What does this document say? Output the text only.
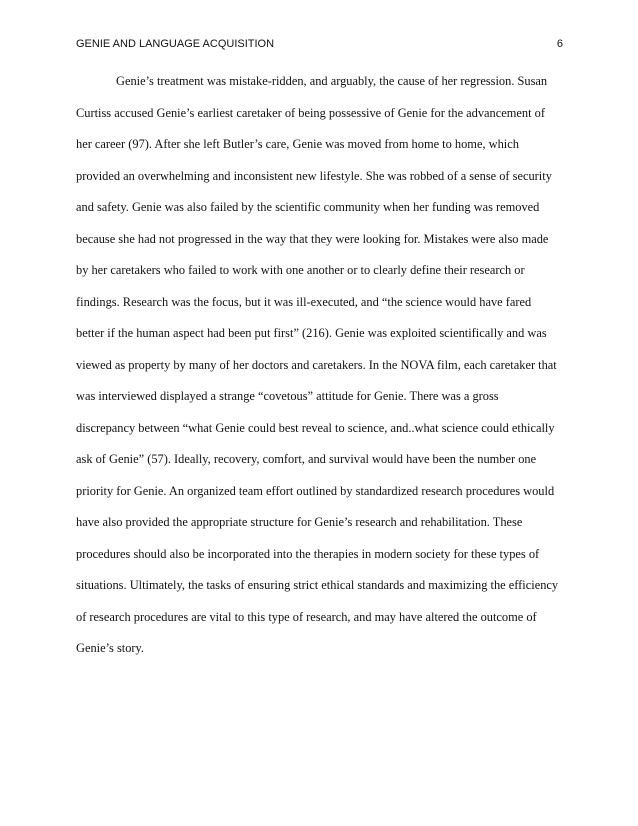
GENIE AND LANGUAGE ACQUISITION	6
Genie’s treatment was mistake-ridden, and arguably, the cause of her regression. Susan
Curtiss accused Genie’s earliest caretaker of being possessive of Genie for the advancement of
her career (97). After she left Butler’s care, Genie was moved from home to home, which
provided an overwhelming and inconsistent new lifestyle. She was robbed of a sense of security
and safety. Genie was also failed by the scientific community when her funding was removed
because she had not progressed in the way that they were looking for. Mistakes were also made
by her caretakers who failed to work with one another or to clearly define their research or
findings. Research was the focus, but it was ill-executed, and “the science would have fared
better if the human aspect had been put first” (216). Genie was exploited scientifically and was
viewed as property by many of her doctors and caretakers. In the NOVA film, each caretaker that
was interviewed displayed a strange “covetous” attitude for Genie. There was a gross
discrepancy between “what Genie could best reveal to science, and..what science could ethically
ask of Genie” (57). Ideally, recovery, comfort, and survival would have been the number one
priority for Genie. An organized team effort outlined by standardized research procedures would
have also provided the appropriate structure for Genie’s research and rehabilitation. These
procedures should also be incorporated into the therapies in modern society for these types of
situations. Ultimately, the tasks of ensuring strict ethical standards and maximizing the efficiency
of research procedures are vital to this type of research, and may have altered the outcome of
Genie’s story.
